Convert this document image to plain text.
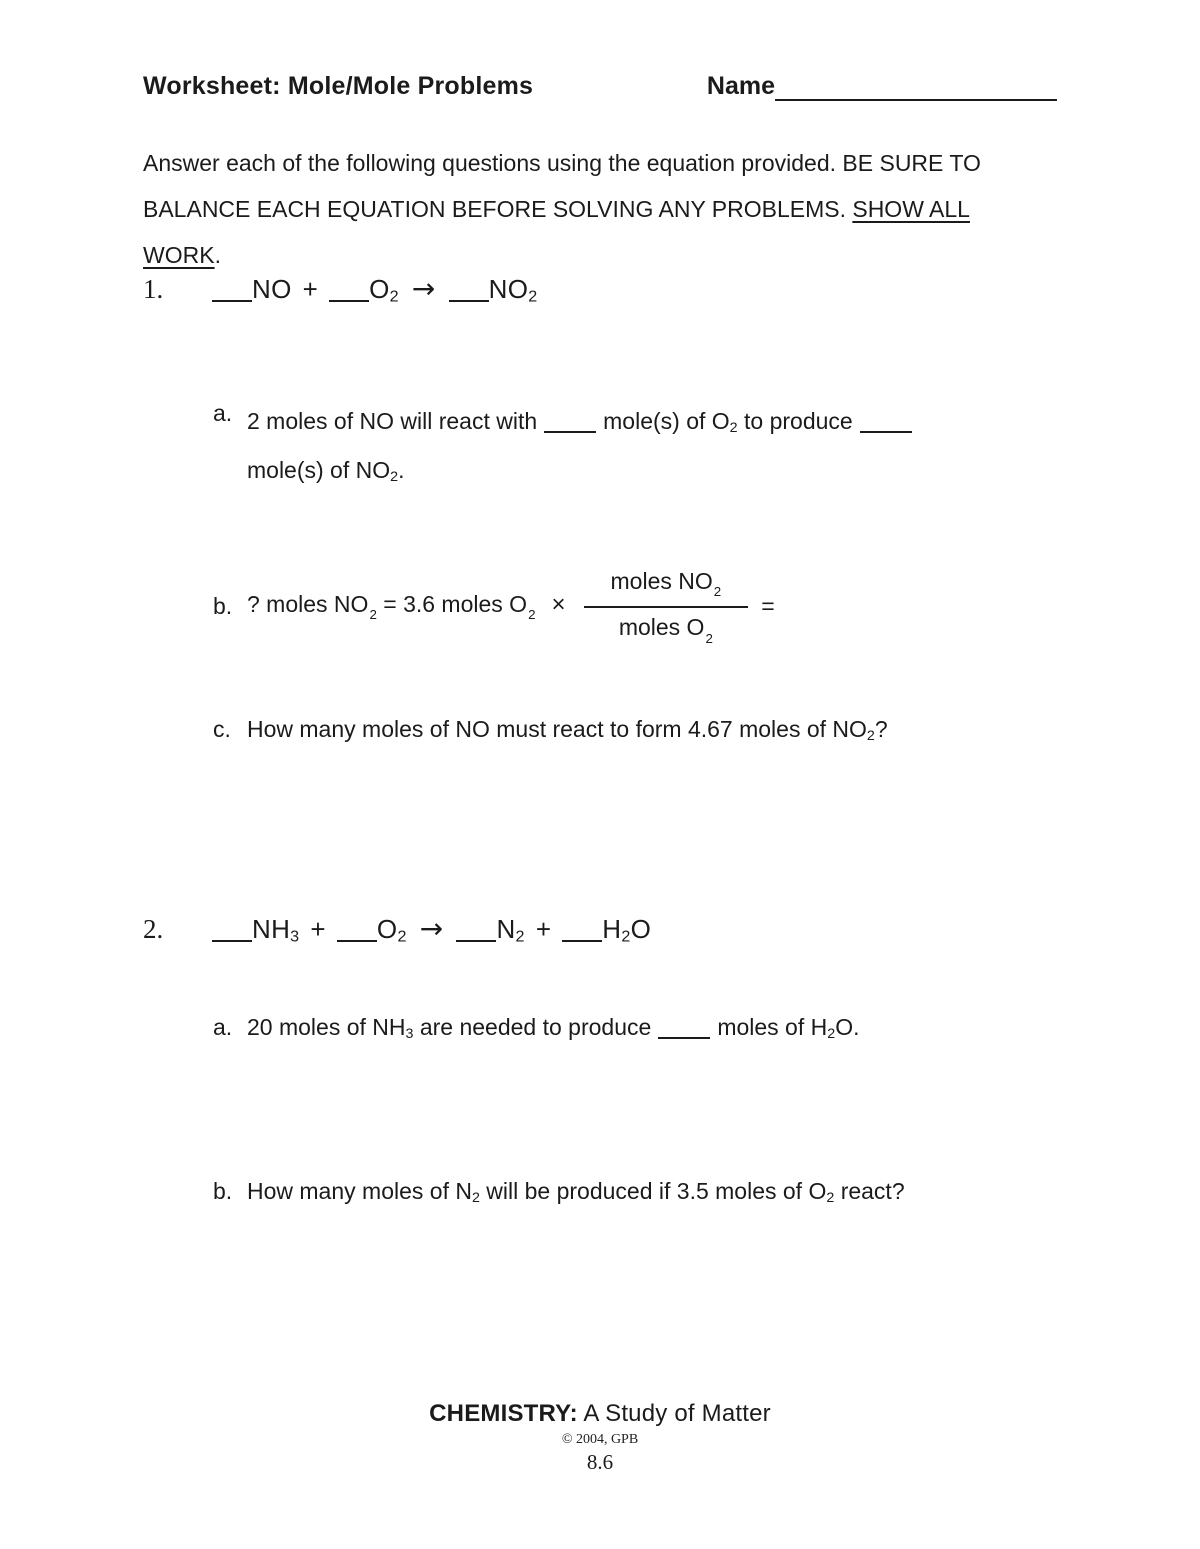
Worksheet: Mole/Mole Problems	Name
Answer each of the following questions using the equation provided. BE SURE TO
BALANCE EACH EQUATION BEFORE SOLVING ANY PROBLEMS. SHOW ALL
WORK.
1.	NO + O2 → NO2
a. 2 moles of NO will react with	mole(s) of O2 to produce
mole(s) of NO2.
b. ? moles $NO_2 = 3.6$ moles $O_2 \times \frac{moles NO_2}{moles O_2}$ =
c. How many moles of NO must react to form 4.67 moles of NO2?
2.	NH3 + O2 → N2 + H2O
a. 20 moles of NH3 are needed to produce	moles of H2O.
b. How many moles of N2 will be produced if 3.5 moles of O2 react?
CHEMISTRY: A Study of Matter
© 2004, GPB
8.6
